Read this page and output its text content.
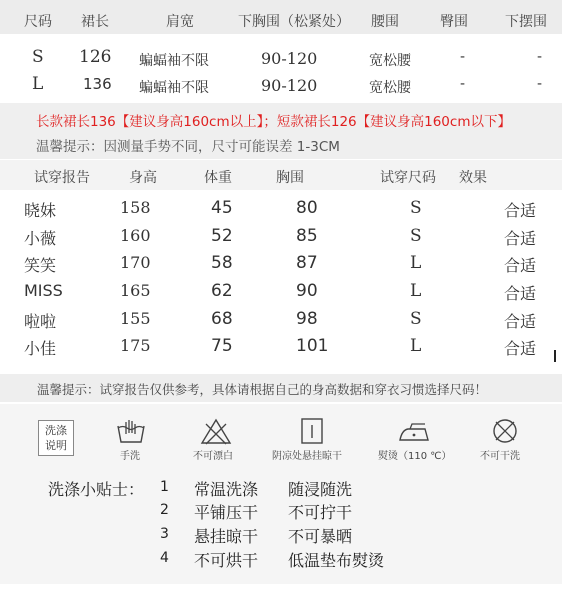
尺码 裙长	肩宽	下胸围（松紧处） 腰围	臀围	下摆围
S 126 蝙蝠袖不限	90-120	宽松腰	-	-
L	136 蝙蝠袖不限	90-120	宽松腰	-	-
长款裙长136【建议身高160cm以上】；短款裙长126【建议身高160cm以下】
温馨提示：因测量手势不同，尺寸可能误差 1-3CM
试穿报告	身高	体重	胸围	试穿尺码 效果
晓妹	158	45	80	S	合适
小薇	160	52	85	S	合适
笑笑	170	58	87	L	合适
MISS	165	62	90	L	合适
啦啦	155	68	98	S	合适
小佳	175	75	101	L	合适
温馨提示：试穿报告仅供参考，具体请根据自己的身高数据和穿衣习惯选择尺码！
洗涤
说明
手洗	不可漂白	阴凉处悬挂晾干	熨烫（110 ℃）	不可干洗
洗涤小贴士： 1 常温洗涤 随浸随洗
2 平铺压干 不可拧干
3 悬挂晾干 不可暴晒
4 不可烘干 低温垫布熨烫
